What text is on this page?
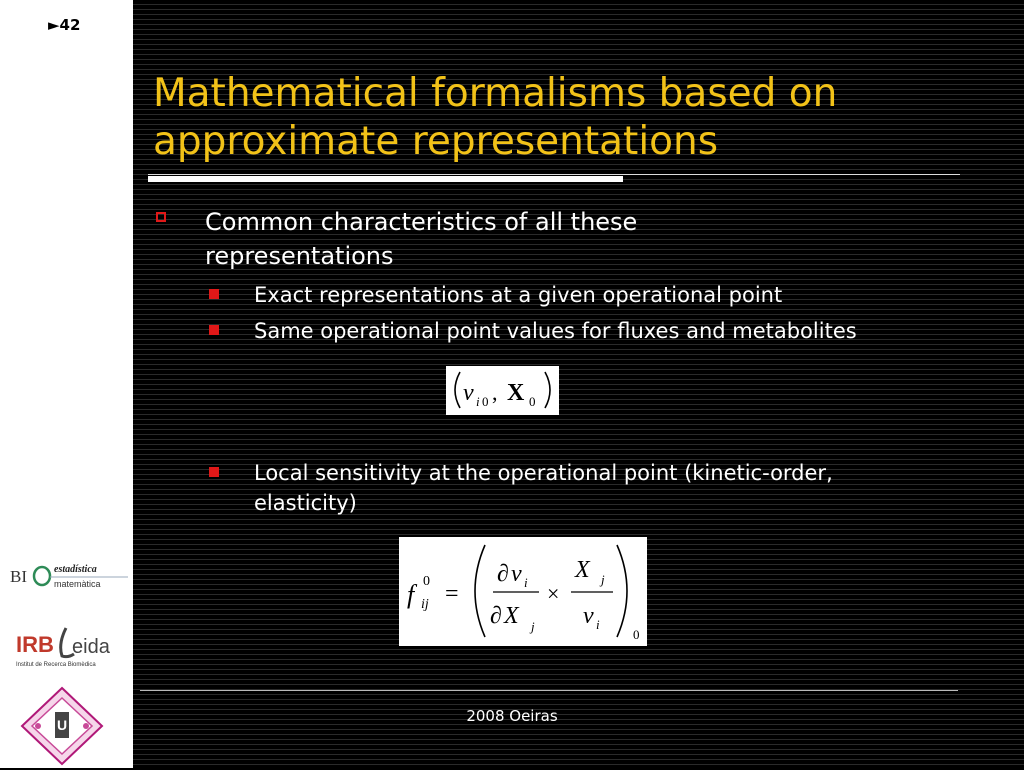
►42
BI	estadística
matemàtica
IRB eida
Institut de Recerca Biomèdica
U
Mathematical formalisms based on
approximate representations
Common characteristics of all these representations
Exact representations at a given operational point
Same operational point values for fluxes and metabolites
v i 0 , X 0
Local sensitivity at the operational point (kinetic-order, elasticity)
f 0
ij =
∂ v i
∂ X j
×
X j
v i
0
2008 Oeiras
